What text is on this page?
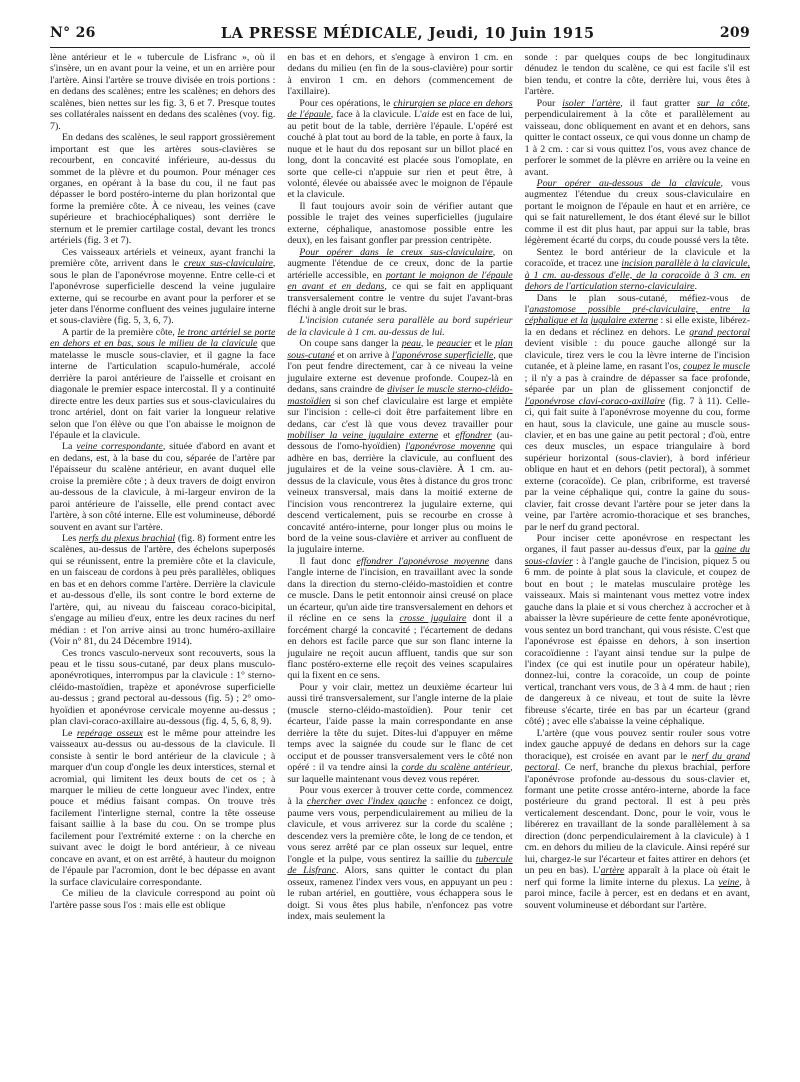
N° 26	LA PRESSE MÉDICALE, Jeudi, 10 Juin 1915	209

lène antérieur et le « tubercule de Lisfranc », où il s'insère, un en avant pour la veine, et un en arrière pour l'artère. Ainsi l'artère se trouve divisée en trois portions : en dedans des scalènes; entre les scalènes; en dehors des scalènes, bien nettes sur les fig. 3, 6 et 7. Presque toutes ses collatérales naissent en dedans des scalènes (voy. fig. 7).

En dedans des scalènes, le seul rapport grossièrement important est que les artères sous-clavières se recourbent, en concavité inférieure, au-dessus du sommet de la plèvre et du poumon. Pour ménager ces organes, en opérant à la base du cou, il ne faut pas dépasser le bord postéro-interne du plan horizontal que forme la première côte. À ce niveau, les veines (cave supérieure et brachiocéphaliques) sont derrière le sternum et le premier cartilage costal, devant les troncs artériels (fig. 3 et 7).

Ces vaisseaux artériels et veineux, ayant franchi la première côte, arrivent dans le creux sus-claviculaire, sous le plan de l'aponévrose moyenne. Entre celle-ci et l'aponévrose superficielle descend la veine jugulaire externe, qui se recourbe en avant pour la perforer et se jeter dans l'énorme confluent des veines jugulaire interne et sous-clavière (fig. 5, 3, 6, 7).

A partir de la première côte, le tronc artériel se porte en dehors et en bas, sous le milieu de la clavicule que matelasse le muscle sous-clavier, et il gagne la face interne de l'articulation scapulo-humérale, accolé derrière la paroi antérieure de l'aisselle et croisant en diagonale le premier espace intercostal. Il y a continuité directe entre les deux parties sus et sous-claviculaires du tronc artériel, dont on fait varier la longueur relative selon que l'on élève ou que l'on abaisse le moignon de l'épaule et la clavicule.

La veine correspondante, située d'abord en avant et en dedans, est, à la base du cou, séparée de l'artère par l'épaisseur du scalène antérieur, en avant duquel elle croise la première côte ; à deux travers de doigt environ au-dessous de la clavicule, à mi-largeur environ de la paroi antérieure de l'aisselle, elle prend contact avec l'artère, à son côté interne. Elle est volumineuse, débordé souvent en avant sur l'artère.

Les nerfs du plexus brachial (fig. 8) forment entre les scalènes, au-dessus de l'artère, des échelons superposés qui se réunissent, entre la première côte et la clavicule, en un faisceau de cordons à peu près parallèles, obliques en bas et en dehors comme l'artère. Derrière la clavicule et au-dessous d'elle, ils sont contre le bord externe de l'artère, qui, au niveau du faisceau coraco-bicipital, s'engage au milieu d'eux, entre les deux racines du nerf médian : et l'on arrive ainsi au tronc huméro-axillaire (Voir n° 81, du 24 Décembre 1914).

Ces troncs vasculo-nerveux sont recouverts, sous la peau et le tissu sous-cutané, par deux plans musculo-aponévrotiques, interrompus par la clavicule : 1° sterno-cléido-mastoïdien, trapèze et aponévrose superficielle au-dessus ; grand pectoral au-dessous (fig. 5) ; 2° omo-hyoïdien et aponévrose cervicale moyenne au-dessus ; plan clavi-coraco-axillaire au-dessous (fig. 4, 5, 6, 8, 9).

Le repérage osseux est le même pour atteindre les vaisseaux au-dessus ou au-dessous de la clavicule. Il consiste à sentir le bord antérieur de la clavicule ; à marquer d'un coup d'ongle les deux interstices, sternal et acromial, qui limitent les deux bouts de cet os ; à marquer le milieu de cette longueur avec l'index, entre pouce et médius faisant compas. On trouve très facilement l'interligne sternal, contre la tête osseuse faisant saillie à la base du cou. On se trompe plus facilement pour l'extrémité externe : on la cherche en suivant avec le doigt le bord antérieur, à ce niveau concave en avant, et on est arrêté, à hauteur du moignon de l'épaule par l'acromion, dont le bec dépasse en avant la surface claviculaire correspondante.

Ce milieu de la clavicule correspond au point où l'artère passe sous l'os : mais elle est oblique

en bas et en dehors, et s'engage à environ 1 cm. en dedans du milieu (en fin de la sous-clavière) pour sortir à environ 1 cm. en dehors (commencement de l'axillaire).

Pour ces opérations, le chirurgien se place en dehors de l'épaule, face à la clavicule. L'aide est en face de lui, au petit bout de la table, derrière l'épaule. L'opéré est couché à plat tout au bord de la table, en porte à faux, la nuque et le haut du dos reposant sur un billot placé en long, dont la concavité est placée sous l'omoplate, en sorte que celle-ci n'appuie sur rien et peut être, à volonté, élevée ou abaissée avec le moignon de l'épaule et la clavicule.

Il faut toujours avoir soin de vérifier autant que possible le trajet des veines superficielles (jugulaire externe, céphalique, anastomose possible entre les deux), en les faisant gonfler par pression centripète.

Pour opérer dans le creux sus-claviculaire, on augmente l'étendue de ce creux, donc de la partie artérielle accessible, en portant le moignon de l'épaule en avant et en dedans, ce qui se fait en appliquant transversalement contre le ventre du sujet l'avant-bras fléchi à angle droit sur le bras.

L'incision cutanée sera parallèle au bord supérieur de la clavicule à 1 cm. au-dessus de lui.

On coupe sans danger la peau, le peaucier et le plan sous-cutané et on arrive à l'aponévrose superficielle, que l'on peut fendre directement, car à ce niveau la veine jugulaire externe est devenue profonde. Coupez-là en dedans, sans craindre de diviser le muscle sterno-cléido-mastoïdien si son chef claviculaire est large et empiète sur l'incision : celle-ci doit être parfaitement libre en dedans, car c'est là que vous devez travailler pour mobiliser la veine jugulaire externe et effondrer (au-dessous de l'omo-hyoïdien) l'aponévrose moyenne qui adhère en bas, derrière la clavicule, au confluent des jugulaires et de la veine sous-clavière. À 1 cm. au-dessus de la clavicule, vous êtes à distance du gros tronc veineux transversal, mais dans la moitié externe de l'incision vous rencontrerez la jugulaire externe, qui descend verticalement, puis se recourbe en crosse à concavité antéro-interne, pour longer plus ou moins le bord de la veine sous-clavière et arriver au confluent de la jugulaire interne.

Il faut donc effondrer l'aponévrose moyenne dans l'angle interne de l'incision, en travaillant avec la sonde dans la direction du sterno-cléido-mastoïdien et contre ce muscle. Dans le petit entonnoir ainsi creusé on place un écarteur, qu'un aide tire transversalement en dehors et il récline en ce sens la crosse jugulaire dont il a forcément chargé la concavité ; l'écartement de dedans en dehors est facile parce que sur son flanc interne la jugulaire ne reçoit aucun affluent, tandis que sur son flanc postéro-externe elle reçoit des veines scapulaires qui la fixent en ce sens.

Pour y voir clair, mettez un deuxième écarteur lui aussi tiré transversalement, sur l'angle interne de la plaie (muscle sterno-cléido-mastoïdien). Pour tenir cet écarteur, l'aide passe la main correspondante en anse derrière la tête du sujet. Dites-lui d'appuyer en même temps avec la saignée du coude sur le flanc de cet occiput et de pousser transversalement vers le côté non opéré : il va tendre ainsi la corde du scalène antérieur, sur laquelle maintenant vous devez vous repérer.

Pour vous exercer à trouver cette corde, commencez à la chercher avec l'index gauche : enfoncez ce doigt, paume vers vous, perpendiculairement au milieu de la clavicule, et vous arriverez sur la corde du scalène ; descendez vers la première côte, le long de ce tendon, et vous serez arrêté par ce plan osseux sur lequel, entre l'ongle et la pulpe, vous sentirez la saillie du tubercule de Lisfranc. Alors, sans quitter le contact du plan osseux, ramenez l'index vers vous, en appuyant un peu : le ruban artériel, en gouttière, vous échappera sous le doigt. Si vous êtes plus habile, n'enfoncez pas votre index, mais seulement la

sonde : par quelques coups de bec longitudinaux dénudez le tendon du scalène, ce qui est facile s'il est bien tendu, et contre la côte, derrière lui, vous êtes à l'artère.

Pour isoler l'artère, il faut gratter sur la côte, perpendiculairement à la côte et parallèlement au vaisseau, donc obliquement en avant et en dehors, sans quitter le contact osseux, ce qui vous donne un champ de 1 à 2 cm. : car si vous quittez l'os, vous avez chance de perforer le sommet de la plèvre en arrière ou la veine en avant.

Pour opérer au-dessous de la clavicule, vous augmentez l'étendue du creux sous-claviculaire en portant le moignon de l'épaule en haut et en arrière, ce qui se fait naturellement, le dos étant élevé sur le billot comme il est dit plus haut, par appui sur la table, bras légèrement écarté du corps, du coude poussé vers la tête.

Sentez le bord antérieur de la clavicule et la coracoïde, et tracez une incision parallèle à la clavicule, à 1 cm. au-dessous d'elle, de la coracoïde à 3 cm. en dehors de l'articulation sterno-claviculaire.

Dans le plan sous-cutané, méfiez-vous de l'anastomose possible pré-claviculaire, entre la céphalique et la jugulaire externe : si elle existe, libérez-la en dedans et réclinez en dehors. Le grand pectoral devient visible : du pouce gauche allongé sur la clavicule, tirez vers le cou la lèvre interne de l'incision cutanée, et à pleine lame, en rasant l'os, coupez le muscle ; il n'y a pas à craindre de dépasser sa face profonde, séparée par un plan de glissement conjonctif de l'aponévrose clavi-coraco-axillaire (fig. 7 à 11). Celle-ci, qui fait suite à l'aponévrose moyenne du cou, forme en haut, sous la clavicule, une gaine au muscle sous-clavier, et en bas une gaine au petit pectoral ; d'où, entre ces deux muscles, un espace triangulaire à bord supérieur horizontal (sous-clavier), à bord inférieur oblique en haut et en dehors (petit pectoral), à sommet externe (coracoïde). Ce plan, cribriforme, est traversé par la veine céphalique qui, contre la gaine du sous-clavier, fait crosse devant l'artère pour se jeter dans la veine, par l'artère acromio-thoracique et ses branches, par le nerf du grand pectoral.

Pour inciser cette aponévrose en respectant les organes, il faut passer au-dessus d'eux, par la gaine du sous-clavier : à l'angle gauche de l'incision, piquez 5 ou 6 mm. de pointe à plat sous la clavicule, et coupez de bout en bout ; le matelas musculaire protège les vaisseaux. Mais si maintenant vous mettez votre index gauche dans la plaie et si vous cherchez à accrocher et à abaisser la lèvre supérieure de cette fente aponévrotique, vous sentez un bord tranchant, qui vous résiste. C'est que l'aponévrose est épaisse en dehors, à son insertion coracoïdienne : l'ayant ainsi tendue sur la pulpe de l'index (ce qui est inutile pour un opérateur habile), donnez-lui, contre la coracoïde, un coup de pointe vertical, tranchant vers vous, de 3 à 4 mm. de haut ; rien de dangereux à ce niveau, et tout de suite la lèvre fibreuse s'écarte, tirée en bas par un écarteur (grand côté) ; avec elle s'abaisse la veine céphalique.

L'artère (que vous pouvez sentir rouler sous votre index gauche appuyé de dedans en dehors sur la cage thoracique), est croisée en avant par le nerf du grand pectoral. Ce nerf, branche du plexus brachial, perfore l'aponévrose profonde au-dessous du sous-clavier et, formant une petite crosse antéro-interne, aborde la face postérieure du grand pectoral. Il est à peu près verticalement descendant. Donc, pour le voir, vous le libérerez en travaillant de la sonde parallèlement à sa direction (donc perpendiculairement à la clavicule) à 1 cm. en dehors du milieu de la clavicule. Ainsi repéré sur lui, chargez-le sur l'écarteur et faites attirer en dehors (et un peu en bas). L'artère apparaît à la place où était le nerf qui forme la limite interne du plexus. La veine, à paroi mince, facile à percer, est en dedans et en avant, souvent volumineuse et débordant sur l'artère.
